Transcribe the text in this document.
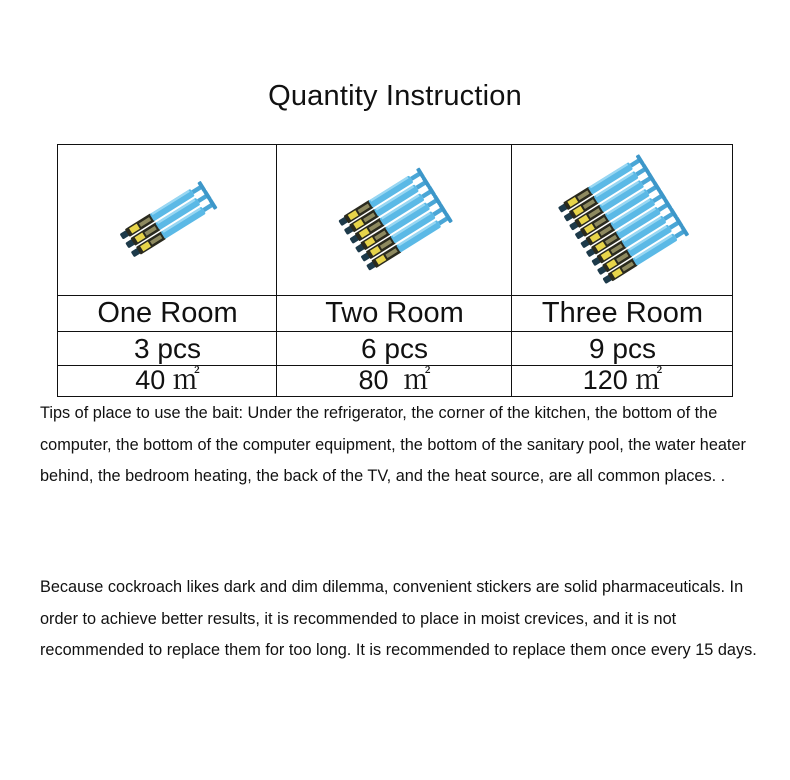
Quantity Instruction
One Room	Two Room	Three Room
3 pcs	6 pcs	9 pcs
40 ㎡	80  ㎡	120 ㎡
Tips of place to use the bait: Under the refrigerator, the corner of the kitchen, the bottom of the computer, the bottom of the computer equipment, the bottom of the sanitary pool, the water heater behind, the bedroom heating, the back of the TV, and the heat source, are all common places. .
Because cockroach likes dark and dim dilemma, convenient stickers are solid pharmaceuticals. In order to achieve better results, it is recommended to place in moist crevices, and it is not recommended to replace them for too long. It is recommended to replace them once every 15 days.
